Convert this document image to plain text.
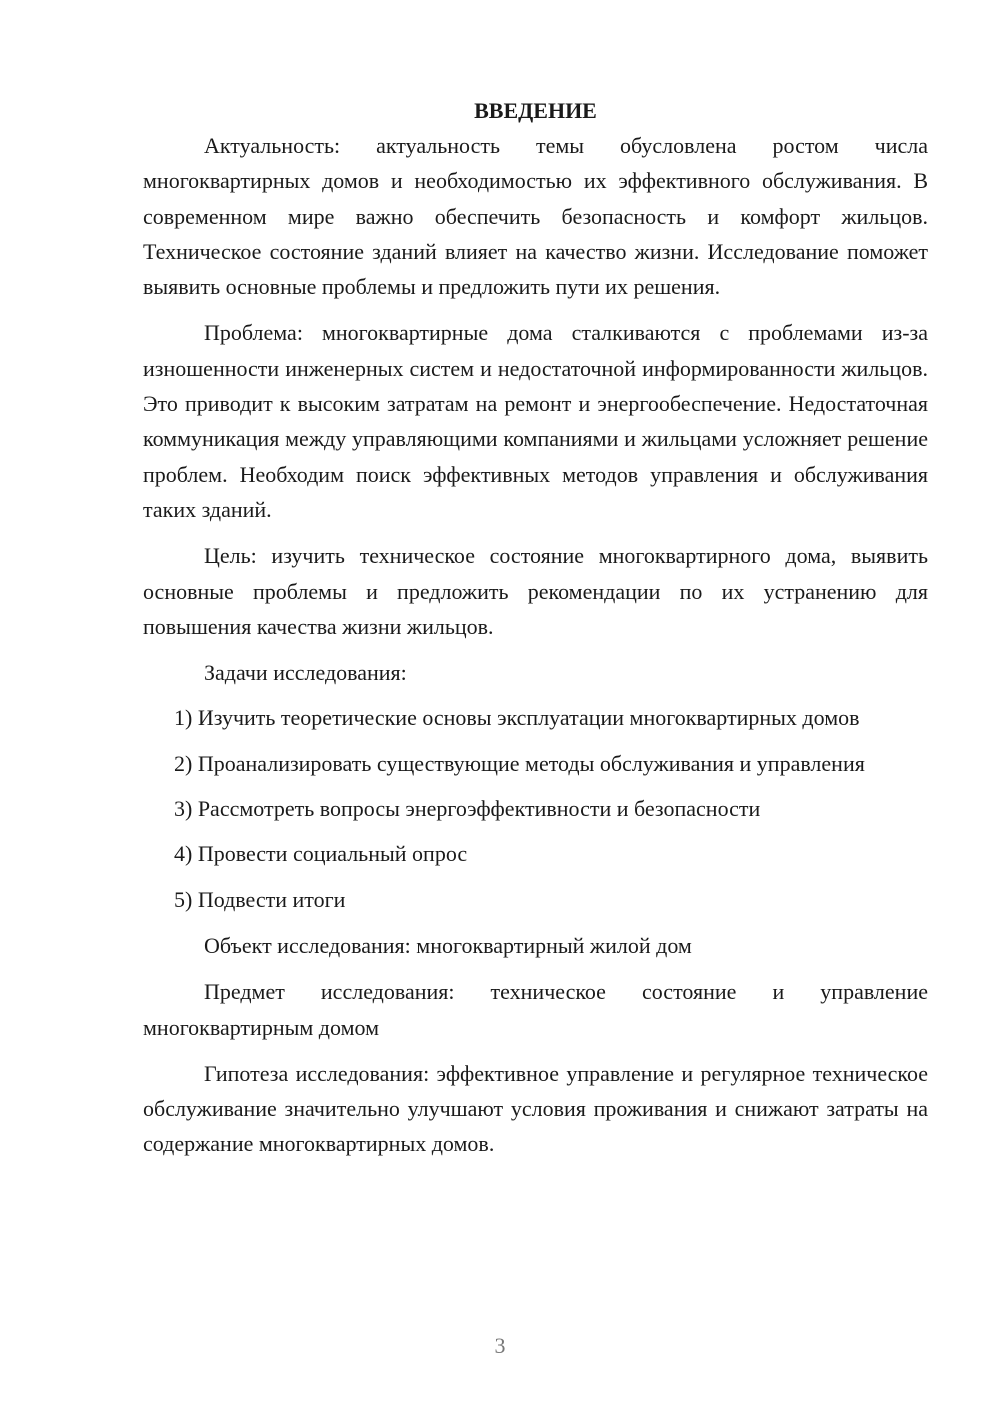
ВВЕДЕНИЕ

Актуальность: актуальность темы обусловлена ростом числа многоквартирных домов и необходимостью их эффективного обслуживания. В современном мире важно обеспечить безопасность и комфорт жильцов. Техническое состояние зданий влияет на качество жизни. Исследование поможет выявить основные проблемы и предложить пути их решения.

Проблема: многоквартирные дома сталкиваются с проблемами из-за изношенности инженерных систем и недостаточной информированности жильцов. Это приводит к высоким затратам на ремонт и энергообеспечение. Недостаточная коммуникация между управляющими компаниями и жильцами усложняет решение проблем. Необходим поиск эффективных методов управления и обслуживания таких зданий.

Цель: изучить техническое состояние многоквартирного дома, выявить основные проблемы и предложить рекомендации по их устранению для повышения качества жизни жильцов.

Задачи исследования:

1) Изучить теоретические основы эксплуатации многоквартирных домов

2) Проанализировать существующие методы обслуживания и управления

3) Рассмотреть вопросы энергоэффективности и безопасности

4) Провести социальный опрос

5) Подвести итоги

Объект исследования: многоквартирный жилой дом

Предмет исследования: техническое состояние и управление многоквартирным домом

Гипотеза исследования: эффективное управление и регулярное техническое обслуживание значительно улучшают условия проживания и снижают затраты на содержание многоквартирных домов.

3
